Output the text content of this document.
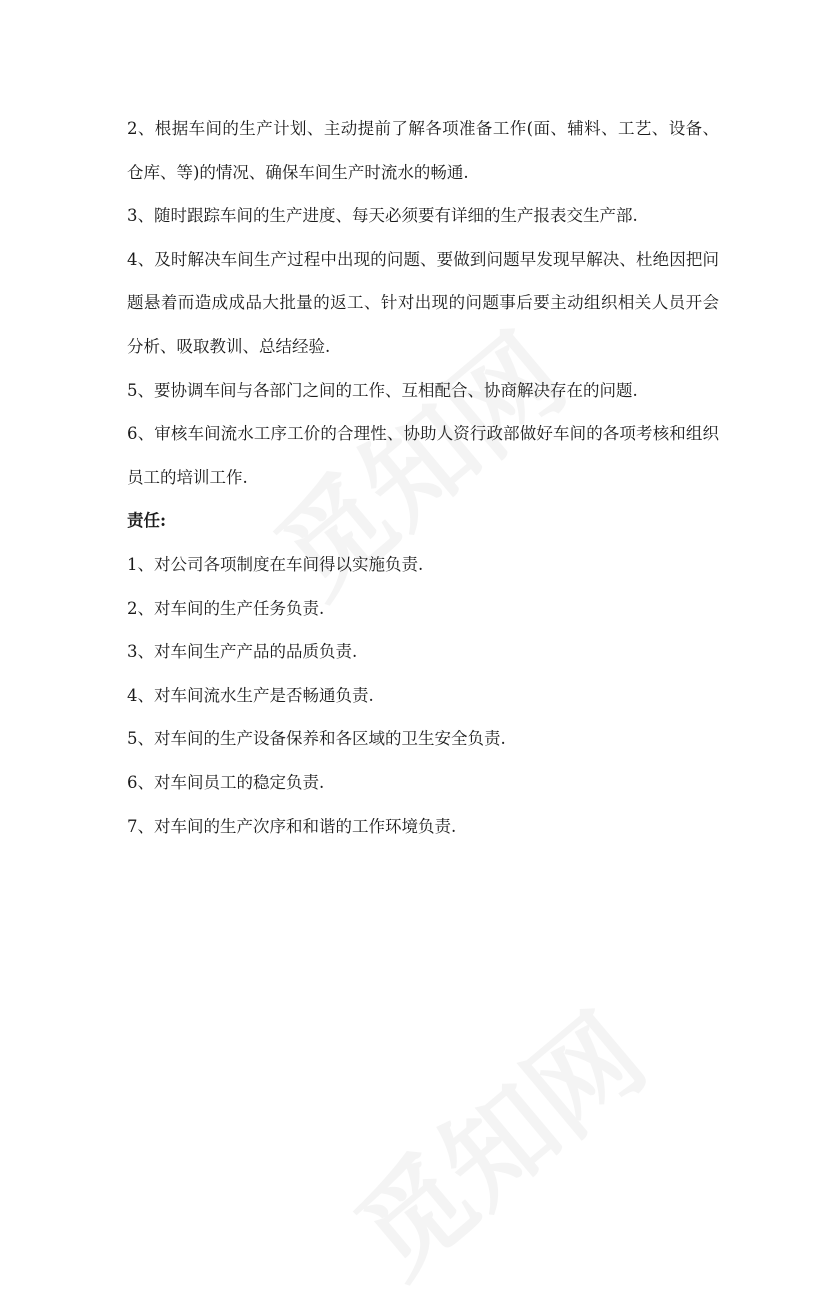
2、根据车间的生产计划、主动提前了解各项准备工作(面、辅料、工艺、设备、仓库、等)的情况、确保车间生产时流水的畅通.

3、随时跟踪车间的生产进度、每天必须要有详细的生产报表交生产部.

4、及时解决车间生产过程中出现的问题、要做到问题早发现早解决、杜绝因把问题悬着而造成成品大批量的返工、针对出现的问题事后要主动组织相关人员开会分析、吸取教训、总结经验.

5、要协调车间与各部门之间的工作、互相配合、协商解决存在的问题.

6、审核车间流水工序工价的合理性、协助人资行政部做好车间的各项考核和组织员工的培训工作.

责任:

1、对公司各项制度在车间得以实施负责.

2、对车间的生产任务负责.

3、对车间生产产品的品质负责.

4、对车间流水生产是否畅通负责.

5、对车间的生产设备保养和各区域的卫生安全负责.

6、对车间员工的稳定负责.

7、对车间的生产次序和和谐的工作环境负责.
